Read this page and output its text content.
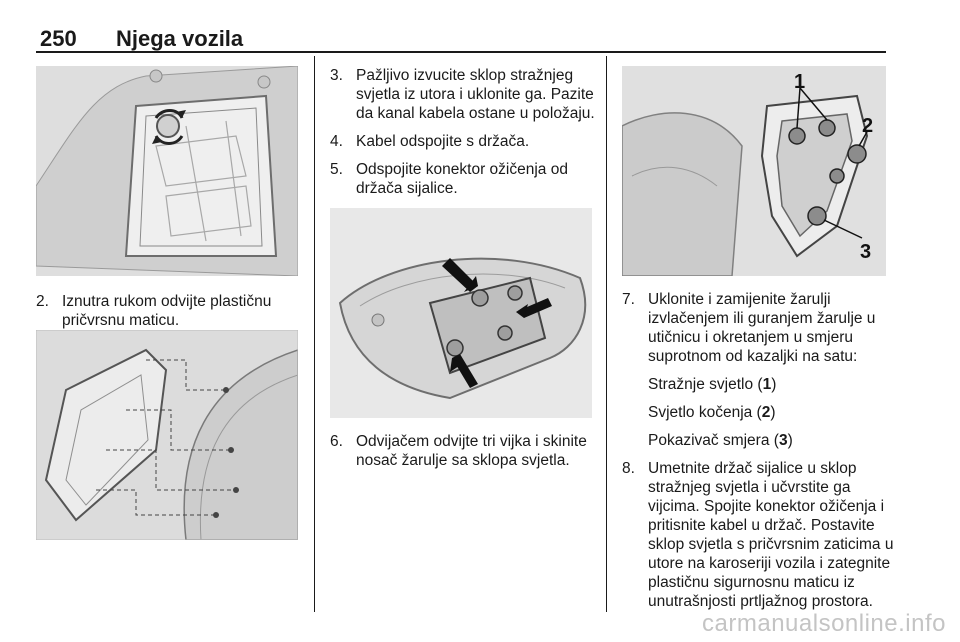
250 Njega vozila
2. Iznutra rukom odvijte plastičnu pričvrsnu maticu.
3. Pažljivo izvucite sklop stražnjeg svjetla iz utora i uklonite ga. Pazite da kanal kabela ostane u položaju.
4. Kabel odspojite s držača.
5. Odspojite konektor ožičenja od držača sijalice.
6. Odvijačem odvijte tri vijka i skinite nosač žarulje sa sklopa svjetla.
1
2
3
7. Uklonite i zamijenite žarulji izvlačenjem ili guranjem žarulje u utičnicu i okretanjem u smjeru suprotnom od kazaljki na satu:
Stražnje svjetlo (1)
Svjetlo kočenja (2)
Pokazivač smjera (3)
8. Umetnite držač sijalice u sklop stražnjeg svjetla i učvrstite ga vijcima. Spojite konektor ožičenja i pritisnite kabel u držač. Postavite sklop svjetla s pričvrsnim zaticima u utore na karoseriji vozila i zategnite plastičnu sigurnosnu maticu iz unutrašnjosti prtljažnog prostora.
carmanualsonline.info
